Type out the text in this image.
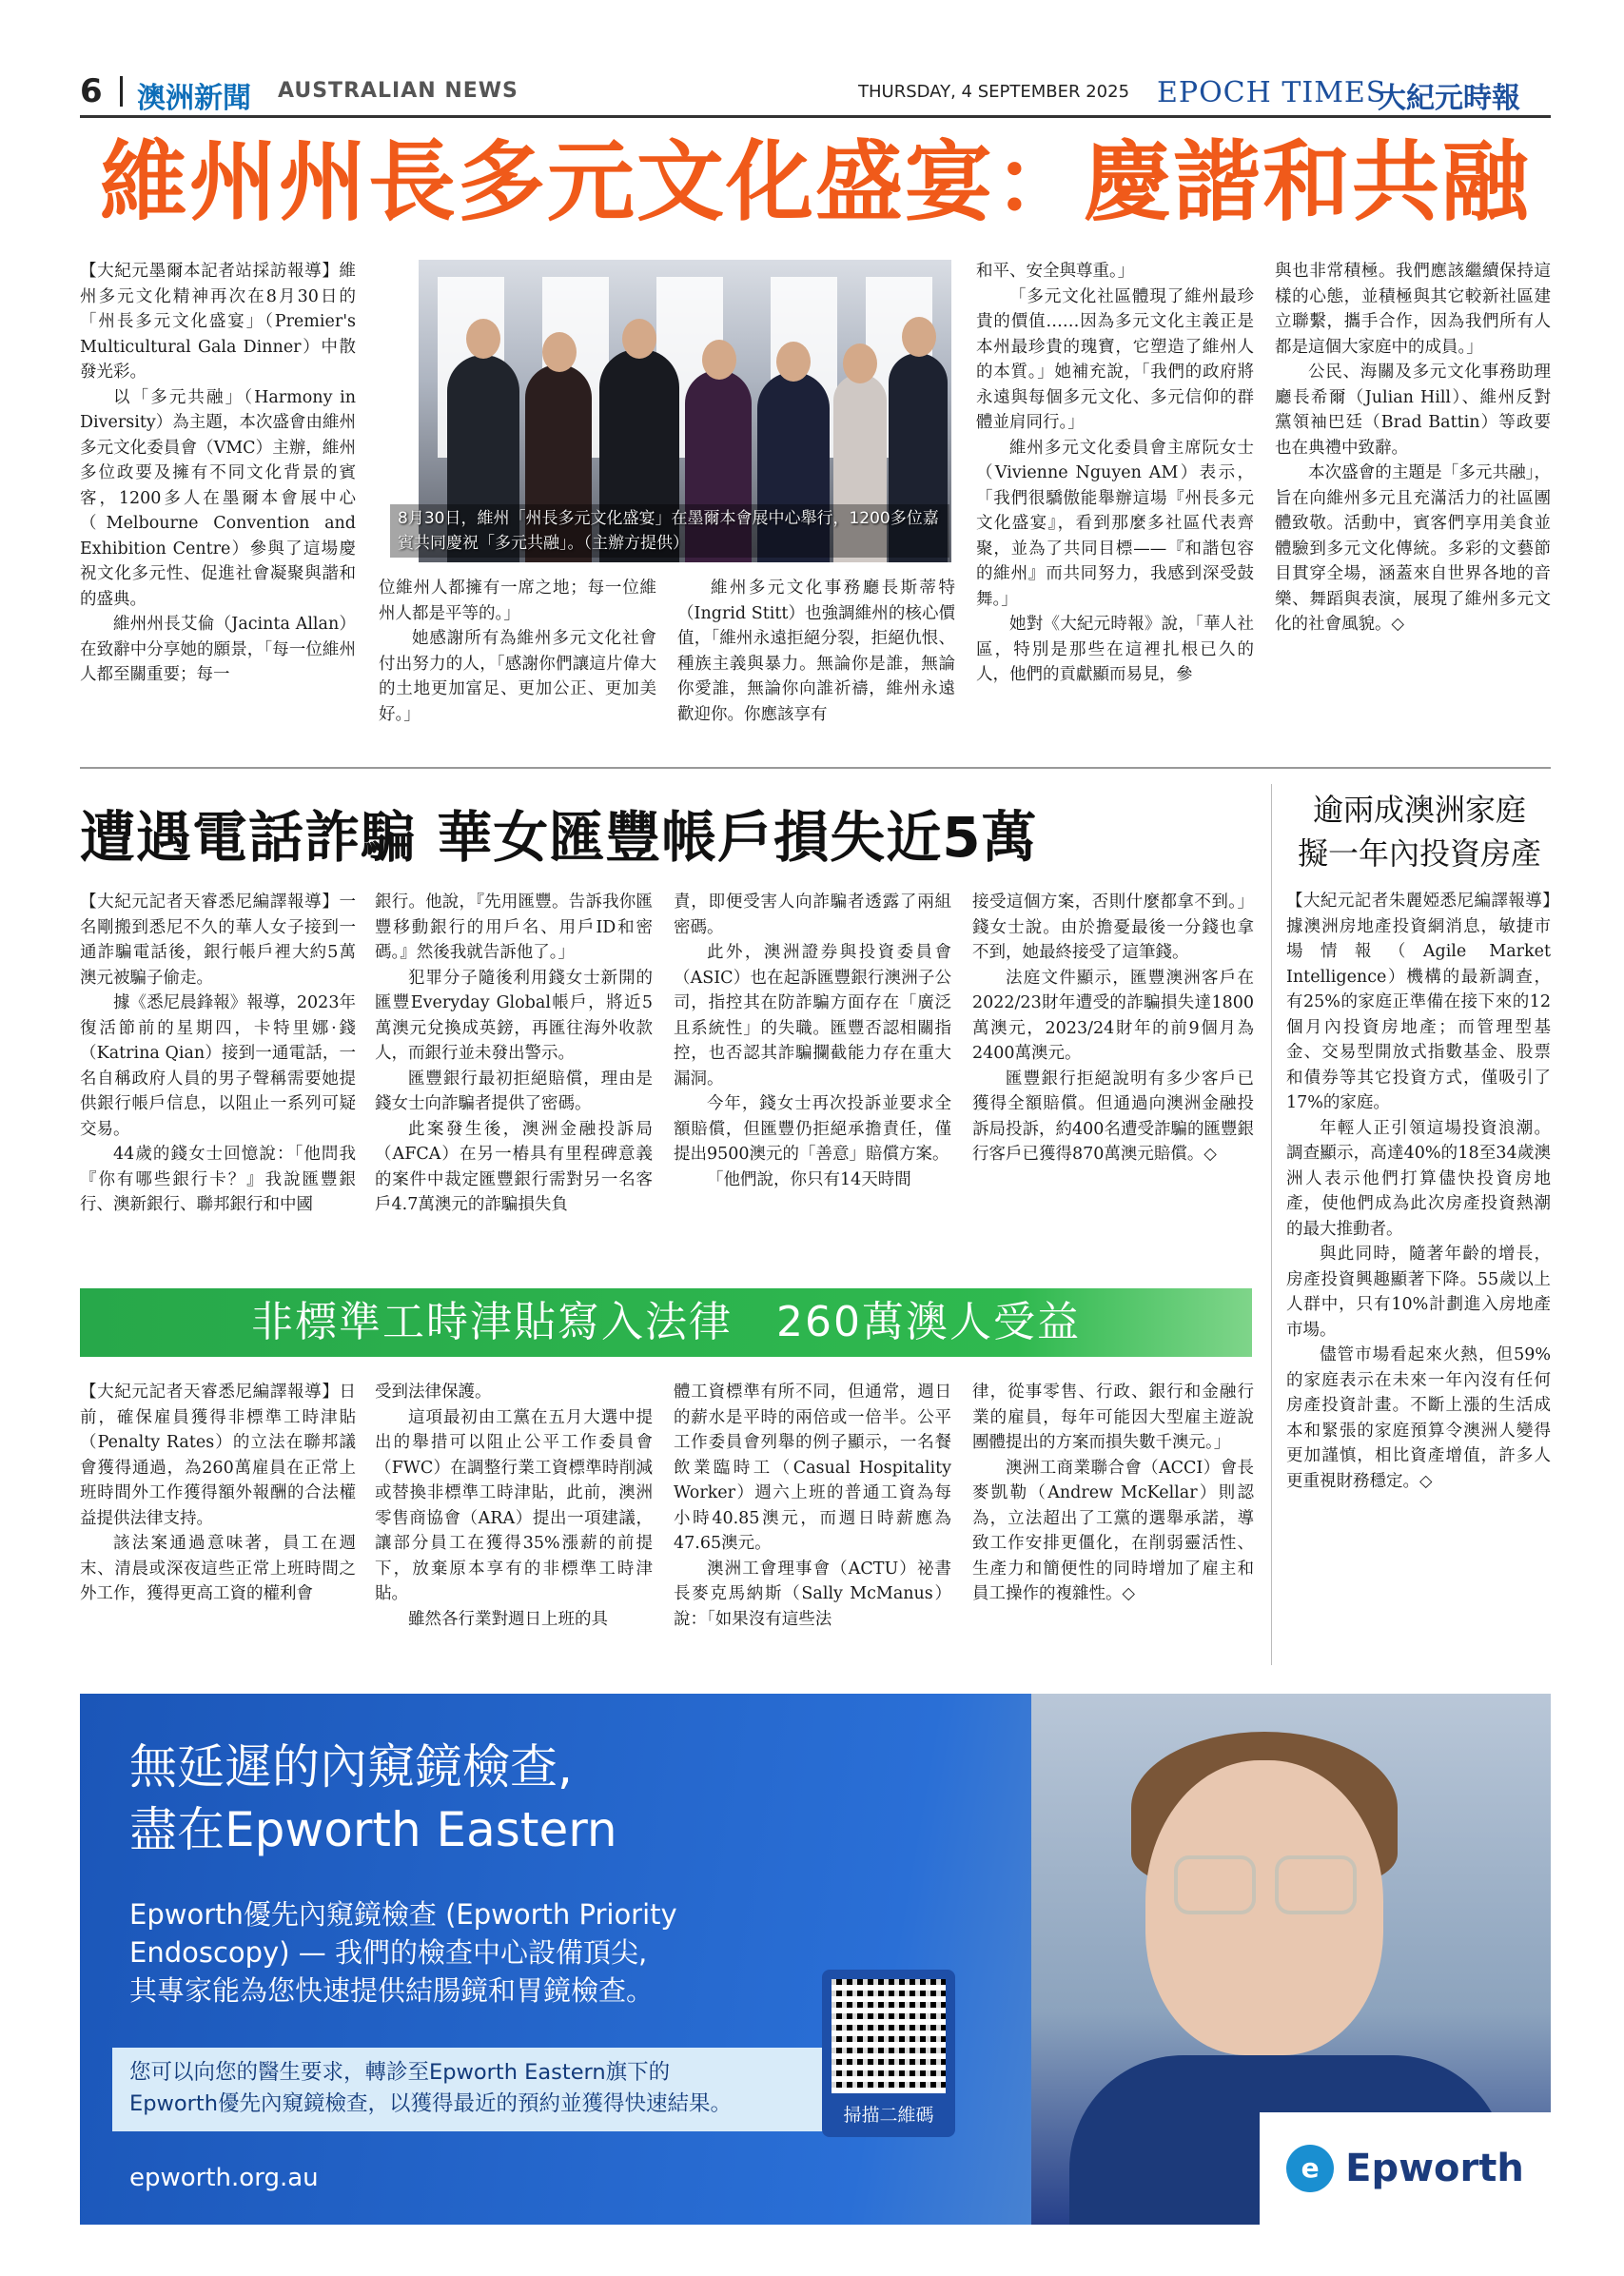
6 澳洲新聞 AUSTRALIAN NEWS	THURSDAY, 4 SEPTEMBER 2025 EPOCH TIMES
大紀元時報
維州州長多元文化盛宴：慶諧和共融

【大紀元墨爾本記者站採訪報導】維州多元文化精神再次在8月30日的「州長多元文化盛宴」（Premier's Multicultural Gala Dinner）中散發光彩。

以「多元共融」（Harmony in Diversity）為主題，本次盛會由維州多元文化委員會（VMC）主辦，維州多位政要及擁有不同文化背景的賓客，1200多人在墨爾本會展中心（Melbourne Convention and Exhibition Centre）參與了這場慶祝文化多元性、促進社會凝聚與諧和的盛典。

維州州長艾倫（Jacinta Allan）在致辭中分享她的願景，「每一位維州人都至關重要；每一

8月30日，維州「州長多元文化盛宴」在墨爾本會展中心舉行，1200多位嘉賓共同慶祝「多元共融」。（主辦方提供）

位維州人都擁有一席之地；每一位維州人都是平等的。」

她感謝所有為維州多元文化社會付出努力的人，「感謝你們讓這片偉大的土地更加富足、更加公正、更加美好。」

維州多元文化事務廳長斯蒂特（Ingrid Stitt）也強調維州的核心價值，「維州永遠拒絕分裂，拒絕仇恨、種族主義與暴力。無論你是誰，無論你愛誰，無論你向誰祈禱，維州永遠歡迎你。你應該享有

和平、安全與尊重。」

「多元文化社區體現了維州最珍貴的價值……因為多元文化主義正是本州最珍貴的瑰寶，它塑造了維州人的本質。」她補充說，「我們的政府將永遠與每個多元文化、多元信仰的群體並肩同行。」

維州多元文化委員會主席阮女士（Vivienne Nguyen AM）表示，「我們很驕傲能舉辦這場『州長多元文化盛宴』，看到那麼多社區代表齊聚，並為了共同目標——『和諧包容的維州』而共同努力，我感到深受鼓舞。」

她對《大紀元時報》說，「華人社區，特別是那些在這裡扎根已久的人，他們的貢獻顯而易見，參

與也非常積極。我們應該繼續保持這樣的心態，並積極與其它較新社區建立聯繫，攜手合作，因為我們所有人都是這個大家庭中的成員。」

公民、海關及多元文化事務助理廳長希爾（Julian Hill）、維州反對黨領袖巴廷（Brad Battin）等政要也在典禮中致辭。

本次盛會的主題是「多元共融」，旨在向維州多元且充滿活力的社區團體致敬。活動中，賓客們享用美食並體驗到多元文化傳統。多彩的文藝節目貫穿全場，涵蓋來自世界各地的音樂、舞蹈與表演，展現了維州多元文化的社會風貌。◇

遭遇電話詐騙 華女匯豐帳戶損失近5萬

【大紀元記者天睿悉尼編譯報導】一名剛搬到悉尼不久的華人女子接到一通詐騙電話後，銀行帳戶裡大約5萬澳元被騙子偷走。

據《悉尼晨鋒報》報導，2023年復活節前的星期四，卡特里娜·錢（Katrina Qian）接到一通電話，一名自稱政府人員的男子聲稱需要她提供銀行帳戶信息，以阻止一系列可疑交易。

44歲的錢女士回憶說：「他問我『你有哪些銀行卡？』我說匯豐銀行、澳新銀行、聯邦銀行和中國

銀行。他說，『先用匯豐。告訴我你匯豐移動銀行的用戶名、用戶ID和密碼。』然後我就告訴他了。」

犯罪分子隨後利用錢女士新開的匯豐Everyday Global帳戶，將近5萬澳元兌換成英鎊，再匯往海外收款人，而銀行並未發出警示。

匯豐銀行最初拒絕賠償，理由是錢女士向詐騙者提供了密碼。

此案發生後，澳洲金融投訴局（AFCA）在另一樁具有里程碑意義的案件中裁定匯豐銀行需對另一名客戶4.7萬澳元的詐騙損失負

責，即便受害人向詐騙者透露了兩組密碼。

此外，澳洲證券與投資委員會（ASIC）也在起訴匯豐銀行澳洲子公司，指控其在防詐騙方面存在「廣泛且系統性」的失職。匯豐否認相關指控，也否認其詐騙攔截能力存在重大漏洞。

今年，錢女士再次投訴並要求全額賠償，但匯豐仍拒絕承擔責任，僅提出9500澳元的「善意」賠償方案。

「他們說，你只有14天時間

接受這個方案，否則什麼都拿不到。」錢女士說。由於擔憂最後一分錢也拿不到，她最終接受了這筆錢。

法庭文件顯示，匯豐澳洲客戶在2022/23財年遭受的詐騙損失達1800萬澳元，2023/24財年的前9個月為2400萬澳元。

匯豐銀行拒絕說明有多少客戶已獲得全額賠償。但通過向澳洲金融投訴局投訴，約400名遭受詐騙的匯豐銀行客戶已獲得870萬澳元賠償。◇

逾兩成澳洲家庭
擬一年內投資房產

【大紀元記者朱麗婭悉尼編譯報導】據澳洲房地產投資網消息，敏捷市場情報（Agile Market Intelligence）機構的最新調查，有25%的家庭正準備在接下來的12個月內投資房地產；而管理型基金、交易型開放式指數基金、股票和債券等其它投資方式，僅吸引了17%的家庭。

年輕人正引領這場投資浪潮。調查顯示，高達40%的18至34歲澳洲人表示他們打算儘快投資房地產，使他們成為此次房產投資熱潮的最大推動者。

與此同時，隨著年齡的增長，房產投資興趣顯著下降。55歲以上人群中，只有10%計劃進入房地產市場。

儘管市場看起來火熱，但59%的家庭表示在未來一年內沒有任何房產投資計畫。不斷上漲的生活成本和緊張的家庭預算令澳洲人變得更加謹慎，相比資產增值，許多人更重視財務穩定。◇

非標準工時津貼寫入法律　260萬澳人受益

【大紀元記者天睿悉尼編譯報導】日前，確保雇員獲得非標準工時津貼（Penalty Rates）的立法在聯邦議會獲得通過，為260萬雇員在正常上班時間外工作獲得額外報酬的合法權益提供法律支持。

該法案通過意味著，員工在週末、清晨或深夜這些正常上班時間之外工作，獲得更高工資的權利會

受到法律保護。

這項最初由工黨在五月大選中提出的舉措可以阻止公平工作委員會（FWC）在調整行業工資標準時削減或替換非標準工時津貼，此前，澳洲零售商協會（ARA）提出一項建議，讓部分員工在獲得35%漲薪的前提下，放棄原本享有的非標準工時津貼。

雖然各行業對週日上班的具

體工資標準有所不同，但通常，週日的薪水是平時的兩倍或一倍半。公平工作委員會列舉的例子顯示，一名餐飲業臨時工（Casual Hospitality Worker）週六上班的普通工資為每小時40.85澳元，而週日時薪應為47.65澳元。

澳洲工會理事會（ACTU）祕書長麥克馬納斯（Sally McManus）說：「如果沒有這些法

律，從事零售、行政、銀行和金融行業的雇員，每年可能因大型雇主遊說團體提出的方案而損失數千澳元。」

澳洲工商業聯合會（ACCI）會長麥凱勒（Andrew McKellar）則認為，立法超出了工黨的選舉承諾，導致工作安排更僵化，在削弱靈活性、生產力和簡便性的同時增加了雇主和員工操作的複雜性。◇

無延遲的內窺鏡檢查,
盡在Epworth Eastern
Epworth優先內窺鏡檢查 (Epworth Priority
Endoscopy) — 我們的檢查中心設備頂尖,
其專家能為您快速提供結腸鏡和胃鏡檢查。
您可以向您的醫生要求，轉診至Epworth Eastern旗下的
Epworth優先內窺鏡檢查，以獲得最近的預約並獲得快速結果。	掃描二維碼
epworth.org.au	e Epworth
